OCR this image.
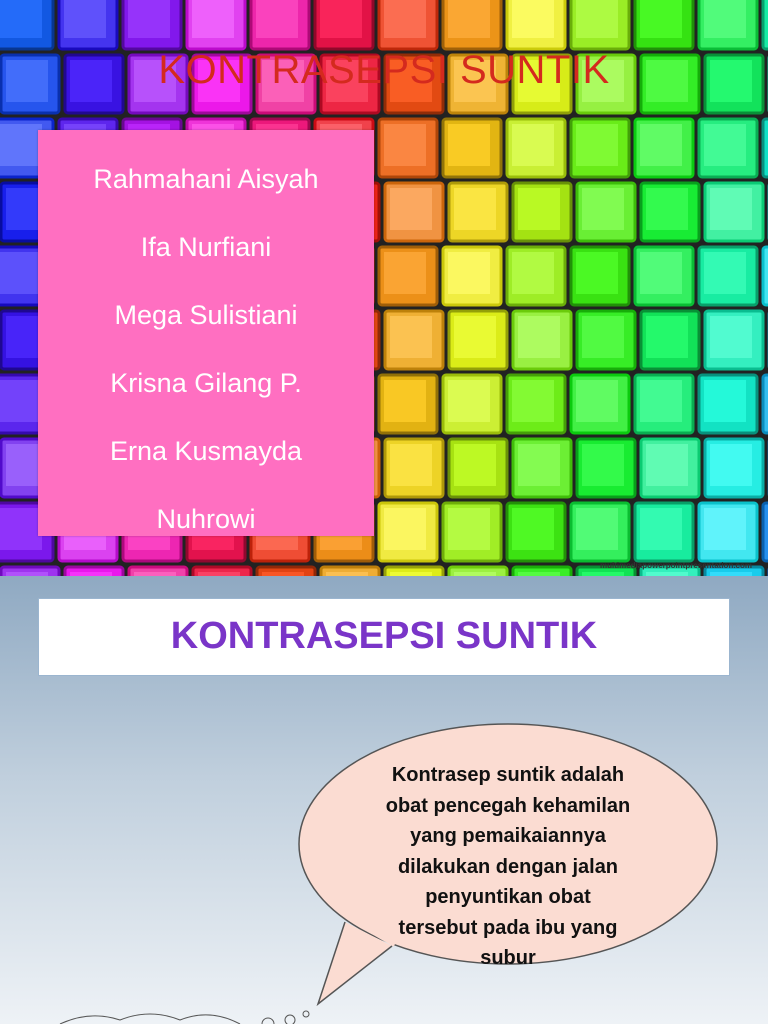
KONTRASEPSI SUNTIK
Rahmahani Aisyah
Ifa Nurfiani
Mega Sulistiani
Krisna Gilang P.
Erna Kusmayda
Nuhrowi
multimediapowerpointpresentation.com
KONTRASEPSI SUNTIK
Kontrasep suntik adalah
obat pencegah kehamilan
yang pemaikaiannya
dilakukan dengan jalan
penyuntikan obat
tersebut pada ibu yang
subur
